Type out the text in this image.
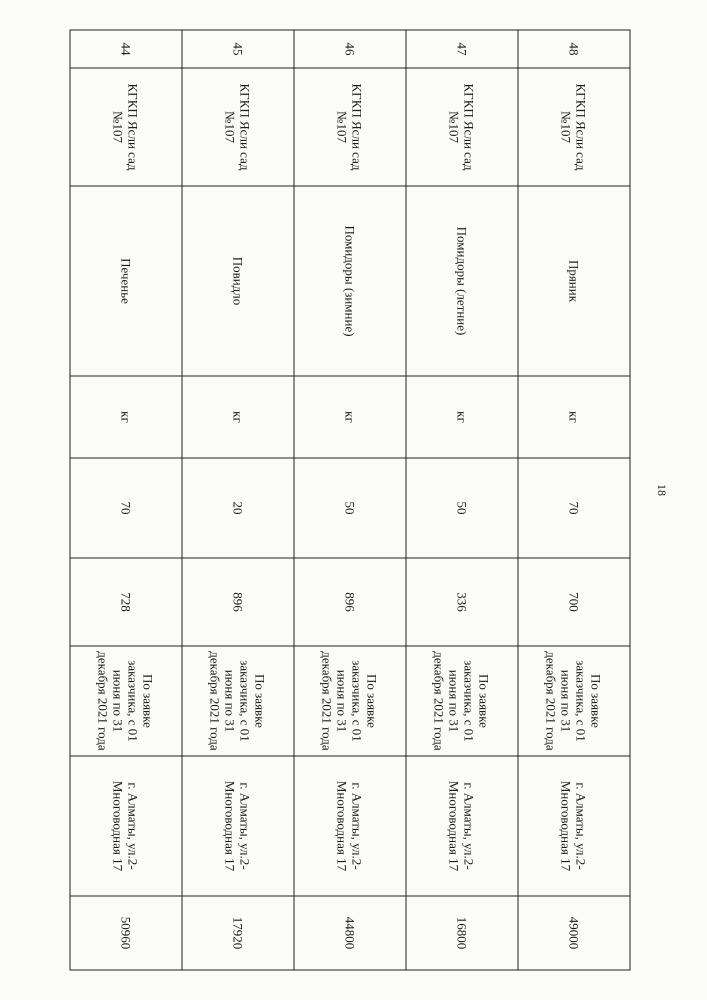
48	КГКП Ясли сад №107	Пряник	кг	70	700	По заявке заказчика, с 01 июня по 31 декабря 2021 года	г. Алматы, ул.2-Многоводная 17	49000
47	КГКП Ясли сад №107	Помидоры (летние)	кг	50	336	По заявке заказчика, с 01 июня по 31 декабря 2021 года	г. Алматы, ул.2-Многоводная 17	16800
46	КГКП Ясли сад №107	Помидоры (зимние)	кг	50	896	По заявке заказчика, с 01 июня по 31 декабря 2021 года	г. Алматы, ул.2-Многоводная 17	44800
45	КГКП Ясли сад №107	Повидло	кг	20	896	По заявке заказчика, с 01 июня по 31 декабря 2021 года	г. Алматы, ул.2-Многоводная 17	17920
44	КГКП Ясли сад №107	Печенье	кг	70	728	По заявке заказчика, с 01 июня по 31 декабря 2021 года	г. Алматы, ул.2-Многоводная 17	50960
18
